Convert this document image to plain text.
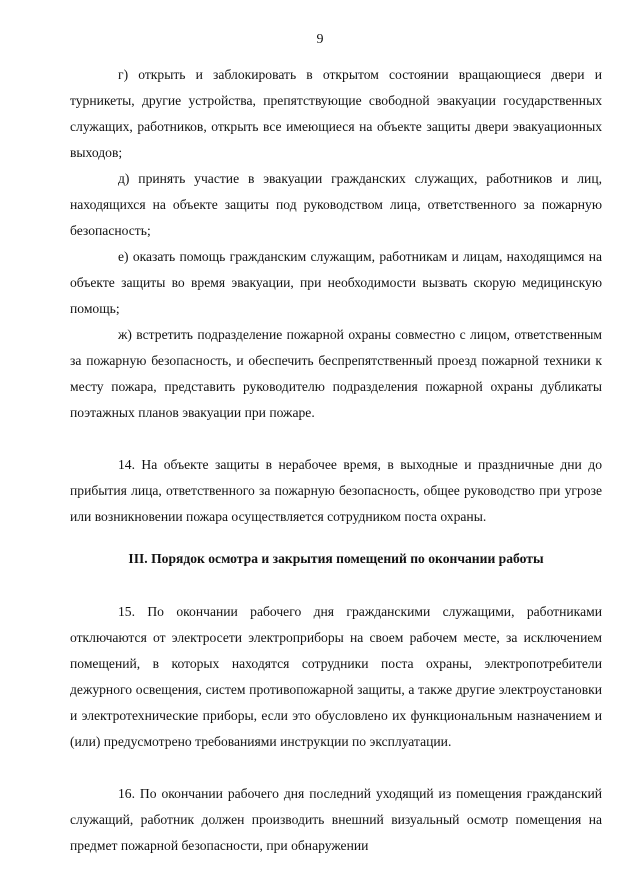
9

г) открыть и заблокировать в открытом состоянии вращающиеся двери и турникеты, другие устройства, препятствующие свободной эвакуации государственных служащих, работников, открыть все имеющиеся на объекте защиты двери эвакуационных выходов;

д) принять участие в эвакуации гражданских служащих, работников и лиц, находящихся на объекте защиты под руководством лица, ответственного за пожарную безопасность;

е) оказать помощь гражданским служащим, работникам и лицам, находящимся на объекте защиты во время эвакуации, при необходимости вызвать скорую медицинскую помощь;

ж) встретить подразделение пожарной охраны совместно с лицом, ответственным за пожарную безопасность, и обеспечить беспрепятственный проезд пожарной техники к месту пожара, представить руководителю подразделения пожарной охраны дубликаты поэтажных планов эвакуации при пожаре.

14. На объекте защиты в нерабочее время, в выходные и праздничные дни до прибытия лица, ответственного за пожарную безопасность, общее руководство при угрозе или возникновении пожара осуществляется сотрудником поста охраны.

III. Порядок осмотра и закрытия помещений по окончании работы

15. По окончании рабочего дня гражданскими служащими, работниками отключаются от электросети электроприборы на своем рабочем месте, за исключением помещений, в которых находятся сотрудники поста охраны, электропотребители дежурного освещения, систем противопожарной защиты, а также другие электроустановки и электротехнические приборы, если это обусловлено их функциональным назначением и (или) предусмотрено требованиями инструкции по эксплуатации.

16. По окончании рабочего дня последний уходящий из помещения гражданский служащий, работник должен производить внешний визуальный осмотр помещения на предмет пожарной безопасности, при обнаружении
